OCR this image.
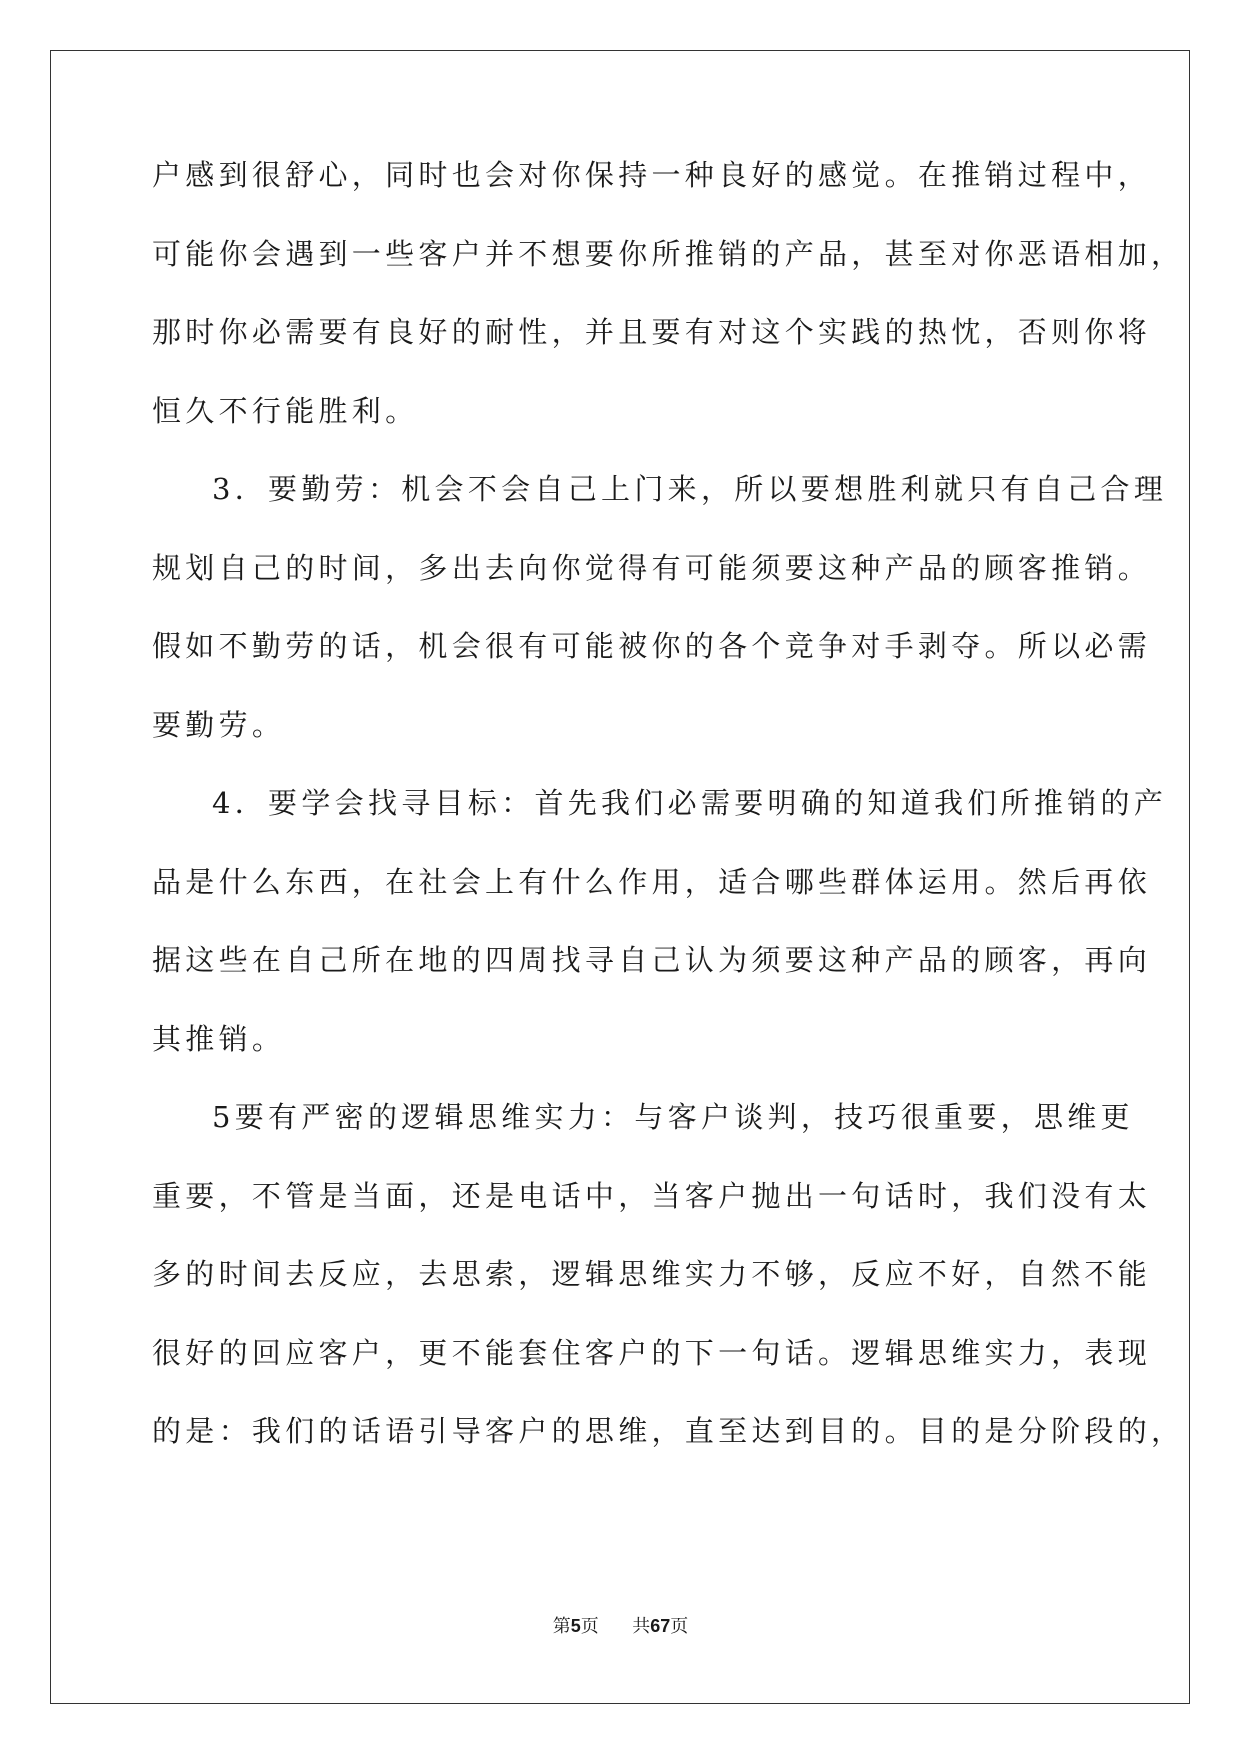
户感到很舒心，同时也会对你保持一种良好的感觉。在推销过程中，
可能你会遇到一些客户并不想要你所推销的产品，甚至对你恶语相加，
那时你必需要有良好的耐性，并且要有对这个实践的热忱，否则你将
恒久不行能胜利。
3．要勤劳：机会不会自己上门来，所以要想胜利就只有自己合理
规划自己的时间，多出去向你觉得有可能须要这种产品的顾客推销。
假如不勤劳的话，机会很有可能被你的各个竞争对手剥夺。所以必需
要勤劳。
4．要学会找寻目标：首先我们必需要明确的知道我们所推销的产
品是什么东西，在社会上有什么作用，适合哪些群体运用。然后再依
据这些在自己所在地的四周找寻自己认为须要这种产品的顾客，再向
其推销。
5要有严密的逻辑思维实力：与客户谈判，技巧很重要，思维更
重要，不管是当面，还是电话中，当客户抛出一句话时，我们没有太
多的时间去反应，去思索，逻辑思维实力不够，反应不好，自然不能
很好的回应客户，更不能套住客户的下一句话。逻辑思维实力，表现
的是：我们的话语引导客户的思维，直至达到目的。目的是分阶段的，
第5页 共67页
